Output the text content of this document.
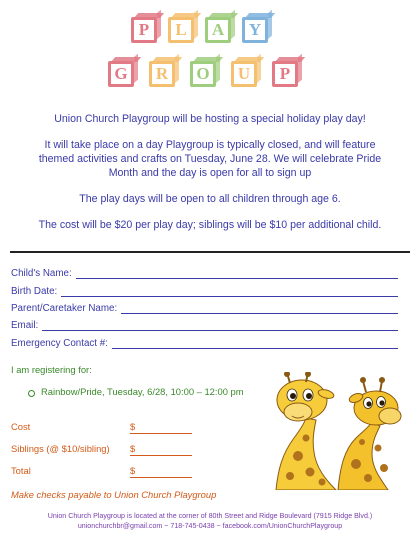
P L A Y
G R O U P

Union Church Playgroup will be hosting a special holiday play day!

It will take place on a day Playgroup is typically closed, and will feature

themed activities and crafts on Tuesday, June 28. We will celebrate Pride

Month and the day is open for all to sign up

The play days will be open to all children through age 6.

The cost will be $20 per play day; siblings will be $10 per additional child.

Child's Name:
Birth Date:
Parent/Caretaker Name:
Email:
Emergency Contact #:
I am registering for:
Rainbow/Pride, Tuesday, 6/28, 10:00 – 12:00 pm
Cost	$
Siblings (@ $10/sibling) $
Total	$
Make checks payable to Union Church Playgroup
Union Church Playgroup is located at the corner of 80th Street and Ridge Boulevard (7915 Ridge Blvd.)
unionchurchbr@gmail.com ~ 718-745-0438 ~ facebook.com/UnionChurchPlaygroup
